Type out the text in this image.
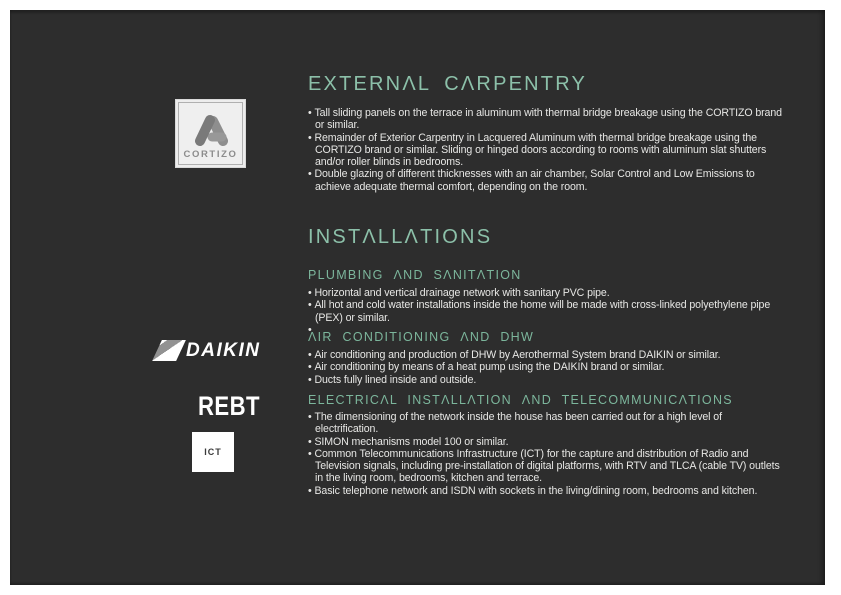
CORTIZO
DAIKIN
REBT
ICT
EXTERNΛL CΛRPENTRY
• Tall sliding panels on the terrace in aluminum with thermal bridge breakage using the CORTIZO brand or similar.
• Remainder of Exterior Carpentry in Lacquered Aluminum with thermal bridge breakage using the CORTIZO brand or similar. Sliding or hinged doors according to rooms with aluminum slat shutters and/or roller blinds in bedrooms.
• Double glazing of different thicknesses with an air chamber, Solar Control and Low Emissions to achieve adequate thermal comfort, depending on the room.
INSTΛLLΛTIONS
PLUMBING ΛND SΛNITΛTION
• Horizontal and vertical drainage network with sanitary PVC pipe.
• All hot and cold water installations inside the home will be made with cross-linked polyethylene pipe (PEX) or similar.
•
ΛIR CONDITIONING ΛND DHW
• Air conditioning and production of DHW by Aerothermal System brand DAIKIN or similar.
• Air conditioning by means of a heat pump using the DAIKIN brand or similar.
• Ducts fully lined inside and outside.
ELECTRICΛL INSTΛLLΛTION ΛND TELECOMMUNICΛTIONS
• The dimensioning of the network inside the house has been carried out for a high level of electrification.
• SIMON mechanisms model 100 or similar.
• Common Telecommunications Infrastructure (ICT) for the capture and distribution of Radio and Television signals, including pre-installation of digital platforms, with RTV and TLCA (cable TV) outlets in the living room, bedrooms, kitchen and terrace.
• Basic telephone network and ISDN with sockets in the living/dining room, bedrooms and kitchen.
